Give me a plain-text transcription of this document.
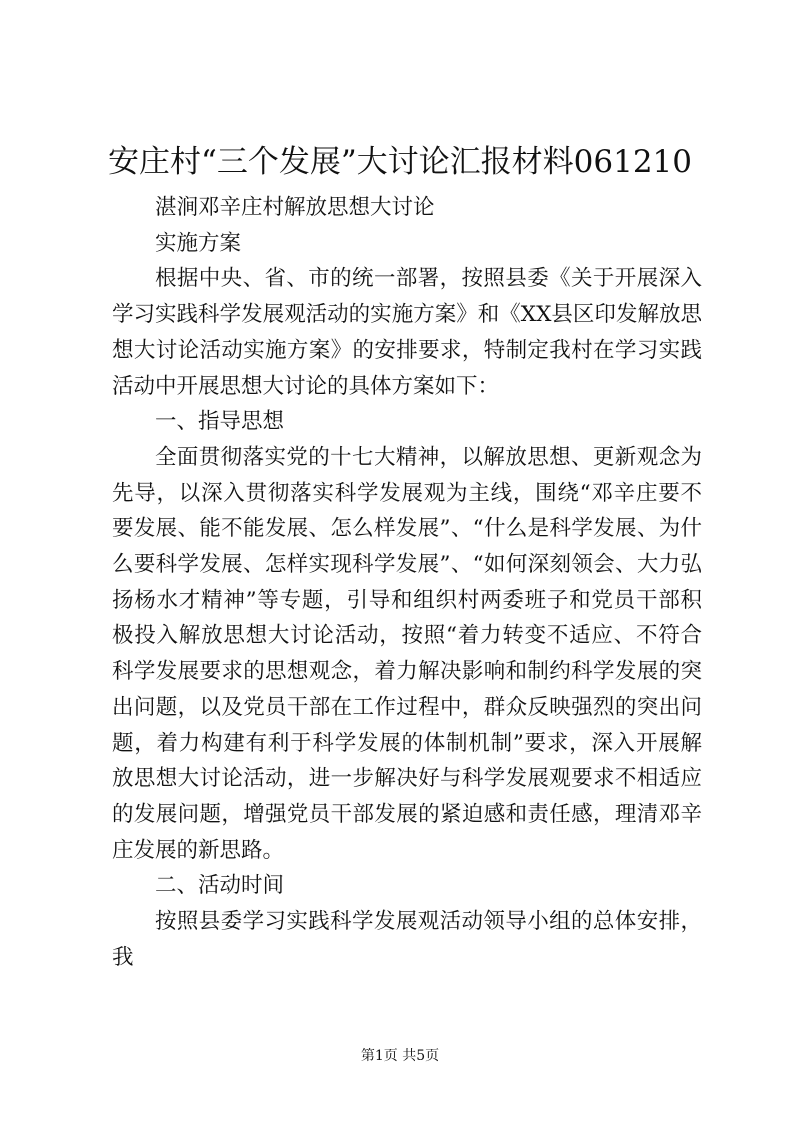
安庄村“三个发展”大讨论汇报材料061210

湛涧邓辛庄村解放思想大讨论

实施方案

根据中央、省、市的统一部署，按照县委《关于开展深入学习实践科学发展观活动的实施方案》和《XX县区印发解放思想大讨论活动实施方案》的安排要求，特制定我村在学习实践活动中开展思想大讨论的具体方案如下：

一、指导思想

全面贯彻落实党的十七大精神，以解放思想、更新观念为先导，以深入贯彻落实科学发展观为主线，围绕“邓辛庄要不要发展、能不能发展、怎么样发展”、“什么是科学发展、为什么要科学发展、怎样实现科学发展”、“如何深刻领会、大力弘扬杨水才精神”等专题，引导和组织村两委班子和党员干部积极投入解放思想大讨论活动，按照“着力转变不适应、不符合科学发展要求的思想观念，着力解决影响和制约科学发展的突出问题，以及党员干部在工作过程中，群众反映强烈的突出问题，着力构建有利于科学发展的体制机制”要求，深入开展解放思想大讨论活动，进一步解决好与科学发展观要求不相适应的发展问题，增强党员干部发展的紧迫感和责任感，理清邓辛庄发展的新思路。

二、活动时间

按照县委学习实践科学发展观活动领导小组的总体安排，我

第1页 共5页
